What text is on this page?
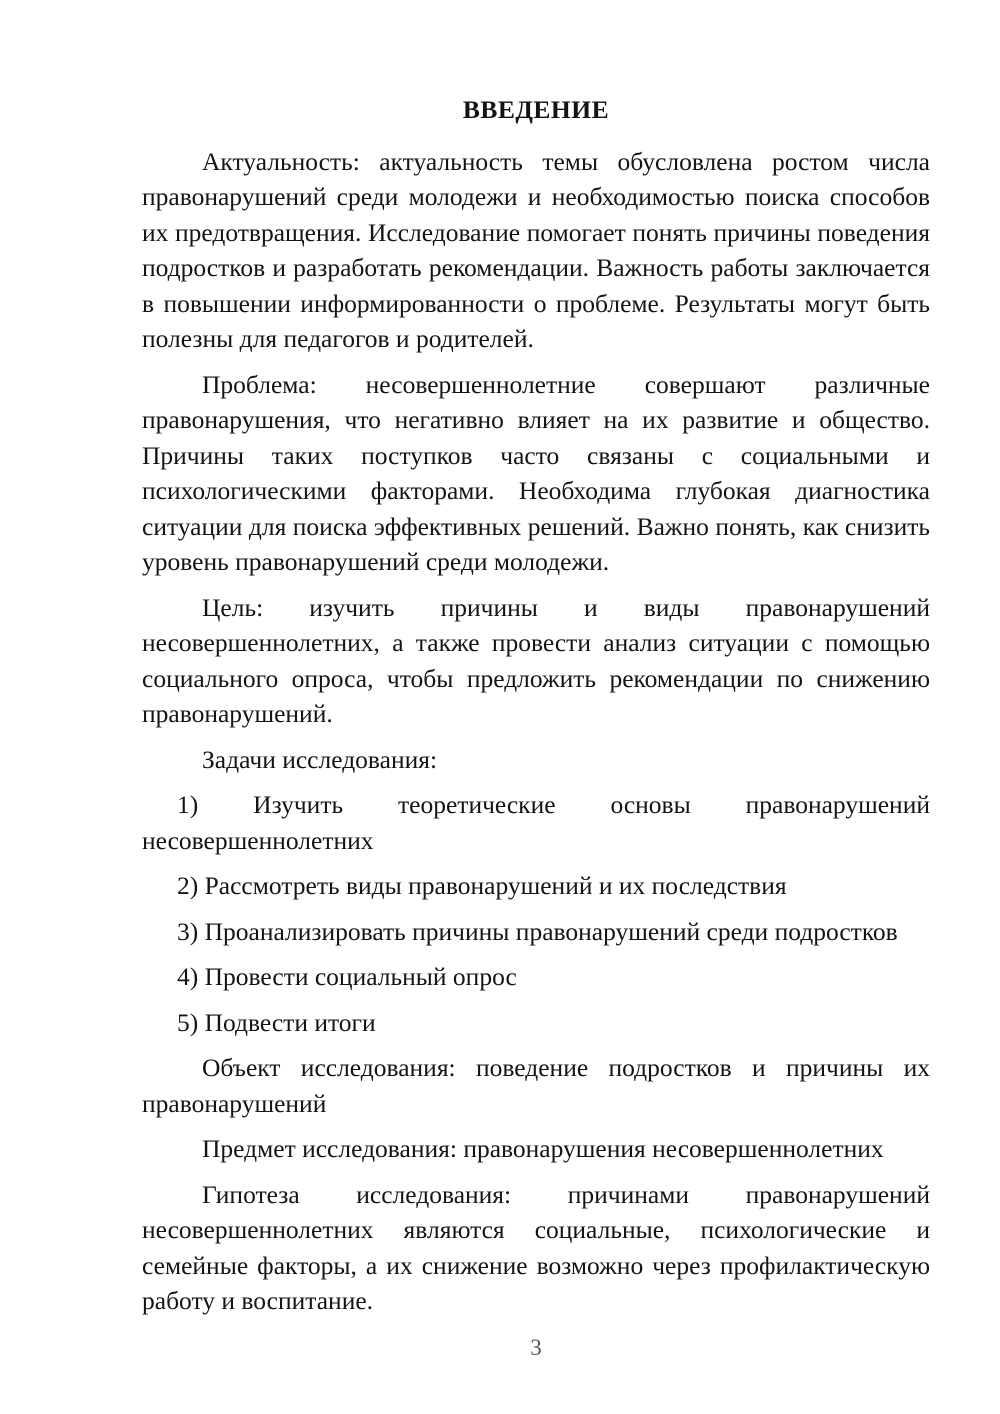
ВВЕДЕНИЕ

Актуальность: актуальность темы обусловлена ростом числа правонарушений среди молодежи и необходимостью поиска способов их предотвращения. Исследование помогает понять причины поведения подростков и разработать рекомендации. Важность работы заключается в повышении информированности о проблеме. Результаты могут быть полезны для педагогов и родителей.

Проблема: несовершеннолетние совершают различные правонарушения, что негативно влияет на их развитие и общество. Причины таких поступков часто связаны с социальными и психологическими факторами. Необходима глубокая диагностика ситуации для поиска эффективных решений. Важно понять, как снизить уровень правонарушений среди молодежи.

Цель: изучить причины и виды правонарушений несовершеннолетних, а также провести анализ ситуации с помощью социального опроса, чтобы предложить рекомендации по снижению правонарушений.

Задачи исследования:

1) Изучить теоретические основы правонарушений несовершеннолетних

2) Рассмотреть виды правонарушений и их последствия

3) Проанализировать причины правонарушений среди подростков

4) Провести социальный опрос

5) Подвести итоги

Объект исследования: поведение подростков и причины их правонарушений

Предмет исследования: правонарушения несовершеннолетних

Гипотеза исследования: причинами правонарушений несовершеннолетних являются социальные, психологические и семейные факторы, а их снижение возможно через профилактическую работу и воспитание.

3
